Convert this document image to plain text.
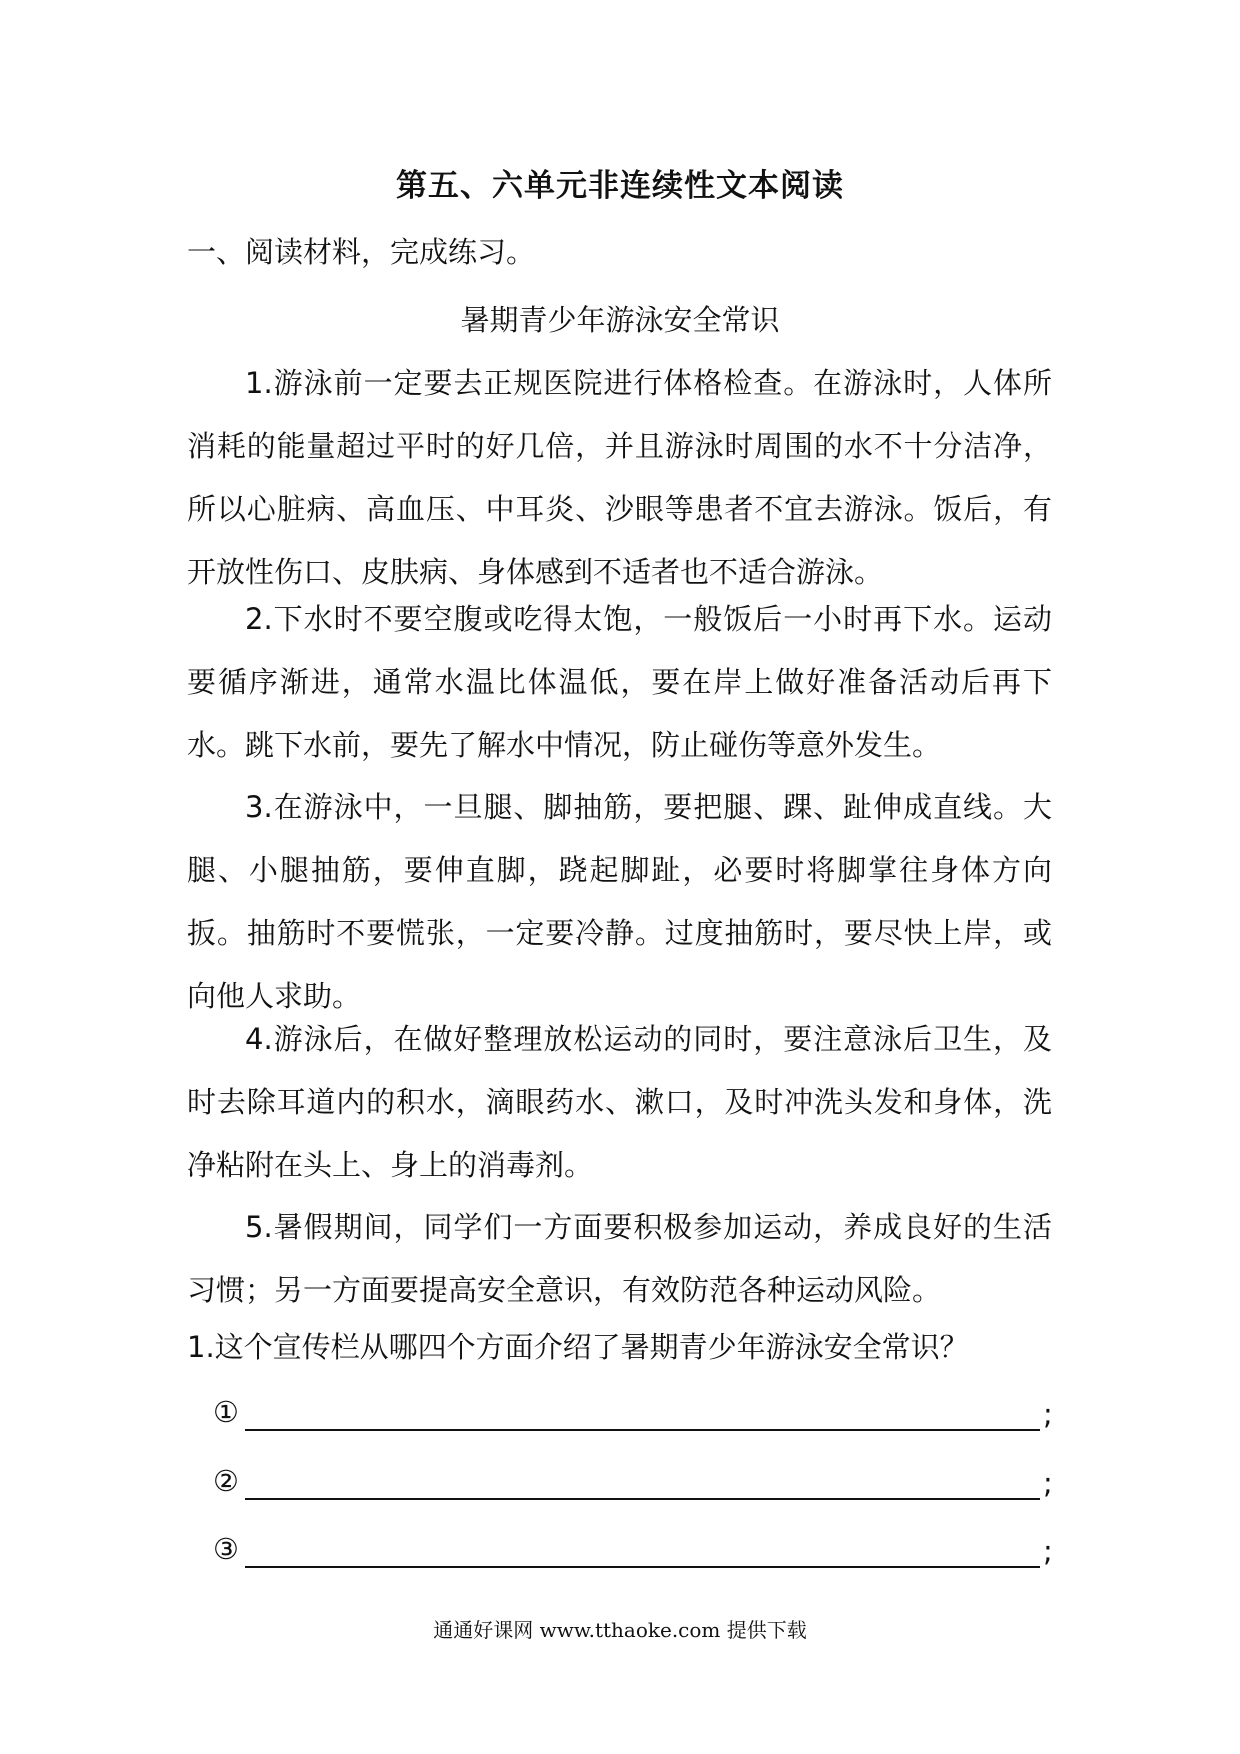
第五、六单元非连续性文本阅读
一、阅读材料，完成练习。
暑期青少年游泳安全常识
1.游泳前一定要去正规医院进行体格检查。在游泳时，人体所消耗的能量超过平时的好几倍，并且游泳时周围的水不十分洁净，所以心脏病、高血压、中耳炎、沙眼等患者不宜去游泳。饭后，有开放性伤口、皮肤病、身体感到不适者也不适合游泳。
2.下水时不要空腹或吃得太饱，一般饭后一小时再下水。运动要循序渐进，通常水温比体温低，要在岸上做好准备活动后再下水。跳下水前，要先了解水中情况，防止碰伤等意外发生。
3.在游泳中，一旦腿、脚抽筋，要把腿、踝、趾伸成直线。大腿、小腿抽筋，要伸直脚，跷起脚趾，必要时将脚掌往身体方向扳。抽筋时不要慌张，一定要冷静。过度抽筋时，要尽快上岸，或向他人求助。
4.游泳后，在做好整理放松运动的同时，要注意泳后卫生，及时去除耳道内的积水，滴眼药水、漱口，及时冲洗头发和身体，洗净粘附在头上、身上的消毒剂。
5.暑假期间，同学们一方面要积极参加运动，养成良好的生活习惯；另一方面要提高安全意识，有效防范各种运动风险。
1.这个宣传栏从哪四个方面介绍了暑期青少年游泳安全常识？
①	;
②	;
③	;
通通好课网 www.tthaoke.com 提供下载
